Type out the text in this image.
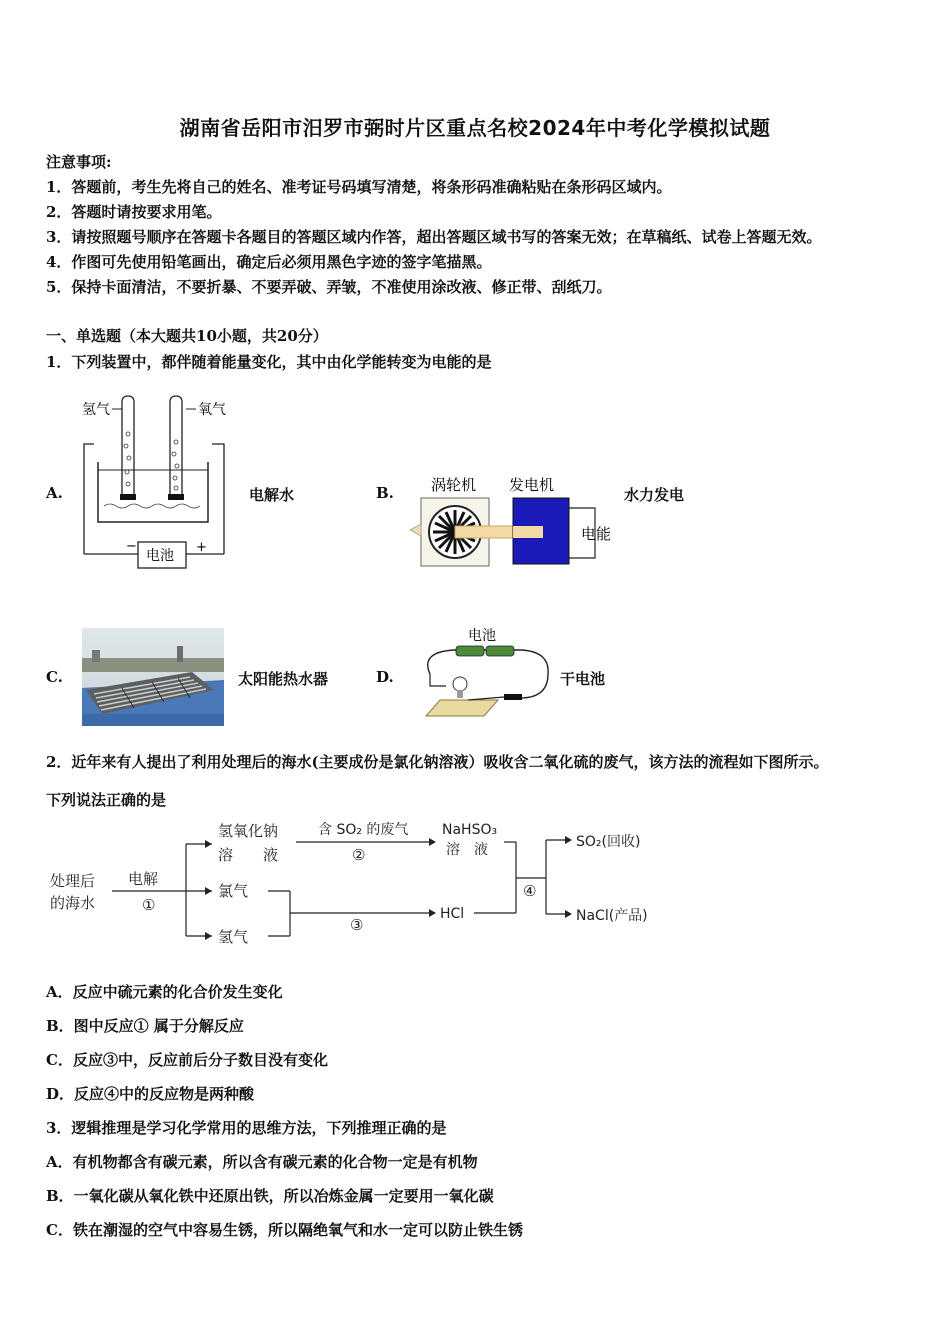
湖南省岳阳市汨罗市弼时片区重点名校2024年中考化学模拟试题
注意事项:
1．答题前，考生先将自己的姓名、准考证号码填写清楚，将条形码准确粘贴在条形码区域内。
2．答题时请按要求用笔。
3．请按照题号顺序在答题卡各题目的答题区域内作答，超出答题区域书写的答案无效；在草稿纸、试卷上答题无效。
4．作图可先使用铅笔画出，确定后必须用黑色字迹的签字笔描黑。
5．保持卡面清洁，不要折暴、不要弄破、弄皱，不准使用涂改液、修正带、刮纸刀。
一、单选题（本大题共10小题，共20分）
1．下列装置中，都伴随着能量变化，其中由化学能转变为电能的是
A.
氢气	氧气
电池
−	+
电解水	B. 涡轮机 发电机
电能
水力发电
C.	太阳能热水器	D.
电池
干电池
2．近年来有人提出了利用处理后的海水(主要成份是氯化钠溶液）吸收含二氧化硫的废气，该方法的流程如下图所示。
下列说法正确的是
处理后
的海水
电解
①
氢氧化钠
溶　　液
氯气
氢气
含 SO₂ 的废气
②
③
NaHSO₃
溶　液
HCl
④
SO₂(回收)
NaCl(产品)
A．反应中硫元素的化合价发生变化
B．图中反应① 属于分解反应
C．反应③中，反应前后分子数目没有变化
D．反应④中的反应物是两种酸
3．逻辑推理是学习化学常用的思维方法，下列推理正确的是
A．有机物都含有碳元素，所以含有碳元素的化合物一定是有机物
B．一氧化碳从氧化铁中还原出铁，所以冶炼金属一定要用一氧化碳
C．铁在潮湿的空气中容易生锈，所以隔绝氧气和水一定可以防止铁生锈
